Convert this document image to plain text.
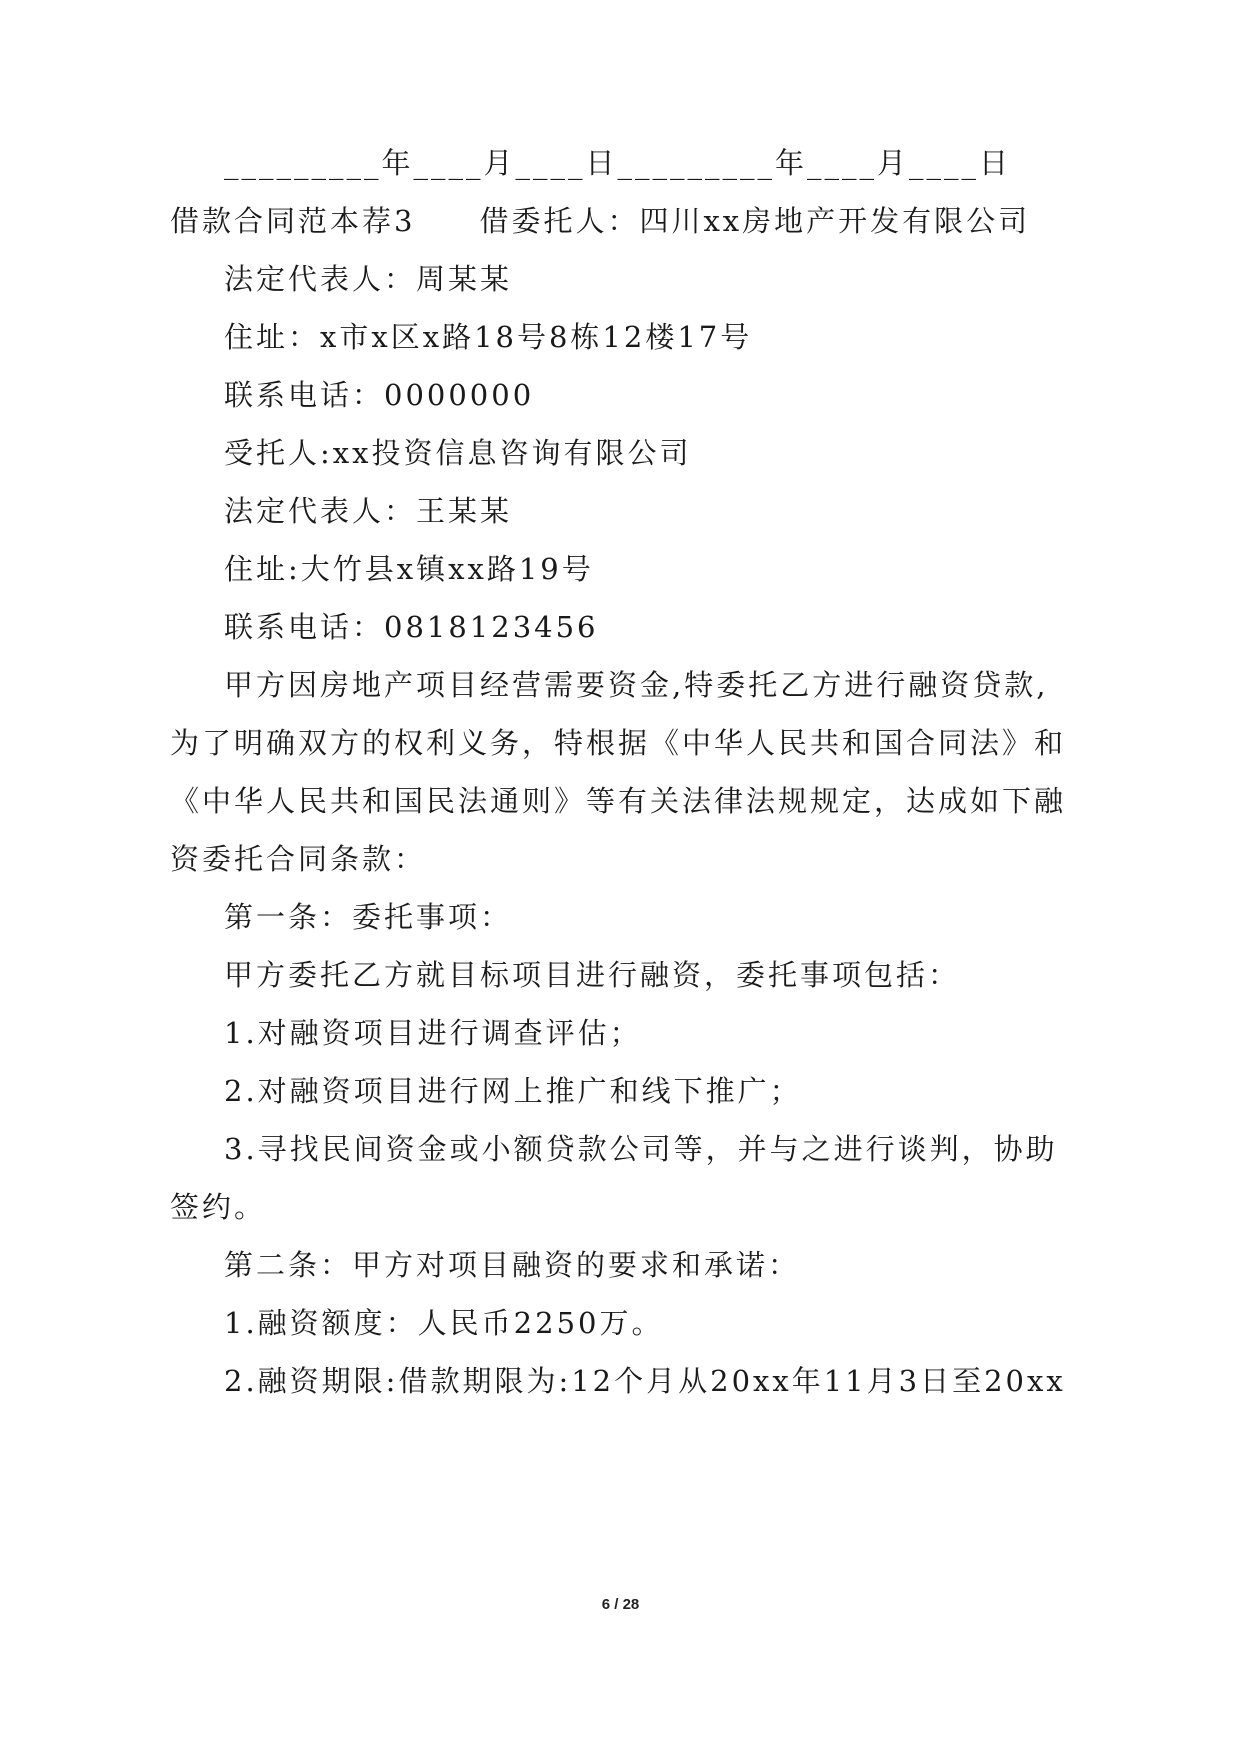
_________年____月____日_________年____月____日
借款合同范本荐3　　借委托人：四川xx房地产开发有限公司
法定代表人：周某某
住址：x市x区x路18号8栋12楼17号
联系电话：0000000
受托人:xx投资信息咨询有限公司
法定代表人：王某某
住址:大竹县x镇xx路19号
联系电话：0818123456
甲方因房地产项目经营需要资金,特委托乙方进行融资贷款,
为了明确双方的权利义务，特根据《中华人民共和国合同法》和
《中华人民共和国民法通则》等有关法律法规规定，达成如下融
资委托合同条款：
第一条：委托事项：
甲方委托乙方就目标项目进行融资，委托事项包括：
1.对融资项目进行调查评估；
2.对融资项目进行网上推广和线下推广；
3.寻找民间资金或小额贷款公司等，并与之进行谈判，协助
签约。
第二条：甲方对项目融资的要求和承诺：
1.融资额度：人民币2250万。
2.融资期限:借款期限为:12个月从20xx年11月3日至20xx
6 / 28
